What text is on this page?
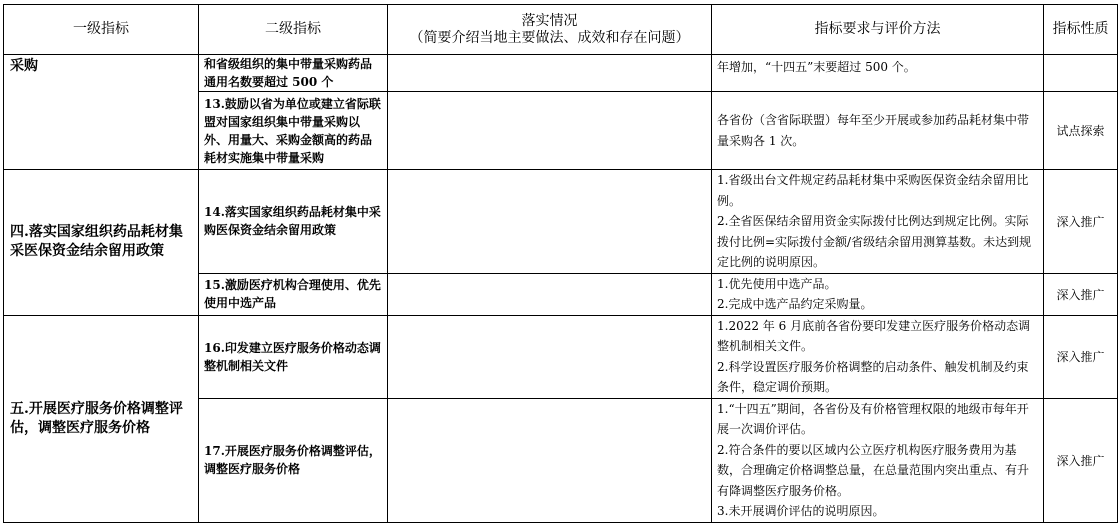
一级指标	二级指标	落实情况
（简要介绍当地主要做法、成效和存在问题）	指标要求与评价方法	指标性质
采购	和省级组织的集中带量采购药品通用名数要超过 500 个		年增加，“十四五”末要超过 500 个。	

	13.鼓励以省为单位或建立省际联盟对国家组织集中带量采购以外、用量大、采购金额高的药品耗材实施集中带量采购		各省份（含省际联盟）每年至少开展或参加药品耗材集中带量采购各 1 次。	试点探索
四.落实国家组织药品耗材集采医保资金结余留用政策	14.落实国家组织药品耗材集中采购医保资金结余留用政策		1.省级出台文件规定药品耗材集中采购医保资金结余留用比例。
2.全省医保结余留用资金实际拨付比例达到规定比例。实际拨付比例=实际拨付金额/省级结余留用测算基数。未达到规定比例的说明原因。	深入推广
	15.激励医疗机构合理使用、优先使用中选产品		1.优先使用中选产品。
2.完成中选产品约定采购量。	深入推广
五.开展医疗服务价格调整评估，调整医疗服务价格	16.印发建立医疗服务价格动态调整机制相关文件		1.2022 年 6 月底前各省份要印发建立医疗服务价格动态调整机制相关文件。
2.科学设置医疗服务价格调整的启动条件、触发机制及约束条件，稳定调价预期。	深入推广
	17.开展医疗服务价格调整评估，调整医疗服务价格		1.“十四五”期间，各省份及有价格管理权限的地级市每年开展一次调价评估。
2.符合条件的要以区域内公立医疗机构医疗服务费用为基数，合理确定价格调整总量，在总量范围内突出重点、有升有降调整医疗服务价格。
3.未开展调价评估的说明原因。	深入推广
